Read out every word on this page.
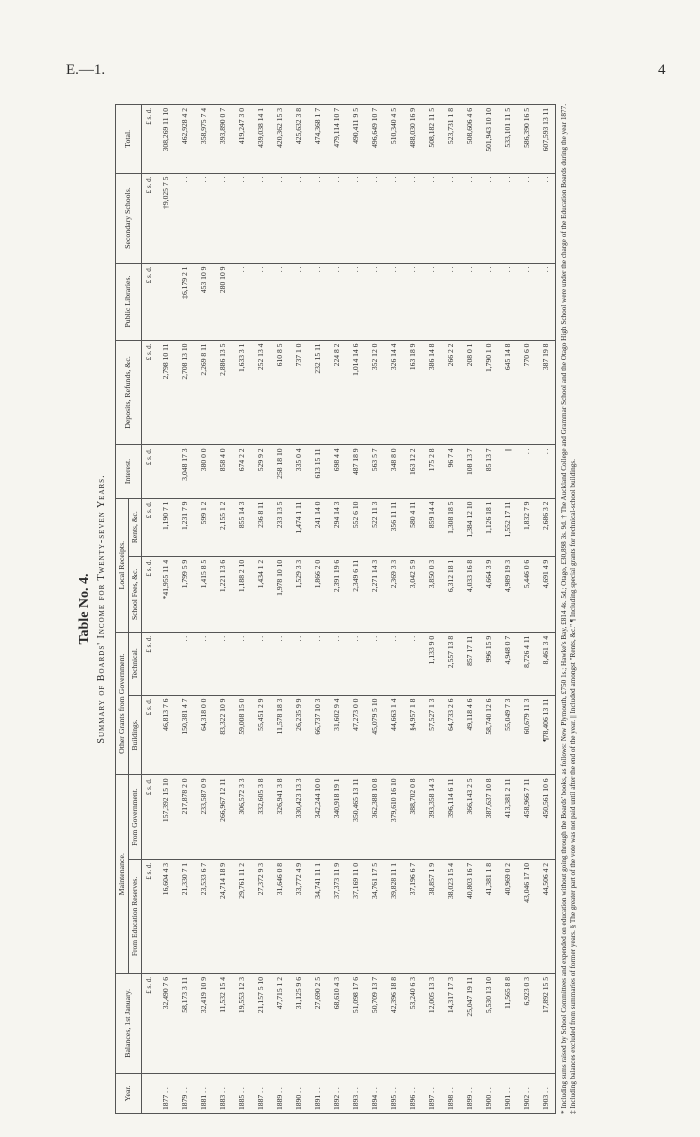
E.—1.	4
Table No. 4. Summary of Boards' Income for Twenty-seven Years.
Year.	Balances, 1st January.	Maintenance.		Other Grants from Government.		Local Receipts.		Interest.	Deposits, Refunds, &c.	Public Libraries.	Secondary Schools.	Total.
		From Education Reserves.	From Government.	Buildings.	Technical.	School Fees, &c.	Rents, &c.					
	£ s. d.	£ s. d.	£ s. d.	£ s. d.	£ s. d.	£ s. d.	£ s. d.	£ s. d.	£ s. d.	£ s. d.	£ s. d.	£ s. d.
1877 . .	32,490 7 6	16,604 4 3	157,392 15 10	46,813 7 6		*41,955 11 4	1,190 7 1		2,798 10 11		†9,025 7 5	308,269 11 10
1879 . .	58,173 3 11	21,330 7 1	217,878 2 0	150,381 4 7	. .	1,799 5 9	1,231 7 9	3,048 17 3	2,708 13 10	‡6,179 2 1	. .	462,928 4 2
1881 . .	32,419 10 9	23,533 6 7	233,587 0 9	64,318 0 0	. .	1,415 8 5	599 1 2	380 0 0	2,269 8 11	453 10 9	. .	358,975 7 4
1883 . .	11,532 15 4	24,714 18 9	266,967 12 11	83,322 10 9	. .	1,221 13 6	2,155 1 2	858 4 0	2,886 13 5	280 10 9	. .	393,890 0 7
1885 . .	19,553 12 3	29,761 11 2	306,572 3 3	59,008 15 0	. .	1,188 2 10	855 14 3	674 2 2	1,633 3 1	. .	. .	419,247 3 0
1887 . .	21,157 5 10	27,372 9 3	332,605 3 8	55,451 2 9	. .	1,434 1 2	236 8 11	529 9 2	252 13 4	. .	. .	439,038 14 1
1889 . .	47,715 1 2	31,646 0 8	326,941 3 8	11,578 18 3	. .	1,978 10 10	233 13 5	258 18 10	610 8 5	. .	. .	420,362 15 3
1890 . .	31,125 9 6	33,772 4 9	330,423 13 3	26,235 9 9	. .	1,529 3 3	1,474 1 11	335 0 4	737 1 0	. .	. .	425,632 3 8
1891 . .	27,690 2 5	34,741 11 1	342,244 10 0	66,737 10 3	. .	1,866 2 0	241 14 0	613 15 11	232 15 11	. .	. .	474,368 1 7
1892 . .	68,610 4 3	37,373 11 9	340,918 19 1	31,602 9 4	. .	2,391 19 6	294 14 3	698 4 4	224 8 2	. .	. .	479,114 10 7
1893 . .	51,098 17 6	37,169 11 0	350,465 13 11	47,273 0 0	. .	2,349 6 11	552 6 10	487 18 9	1,014 14 6	. .	. .	490,411 9 5
1894 . .	50,709 13 7	34,761 17 5	362,388 10 8	45,079 5 10	. .	2,271 14 3	522 11 3	563 5 7	352 12 0	. .	. .	496,649 10 7
1895 . .	42,396 18 8	39,828 11 1	379,610 16 10	44,663 1 4	. .	2,369 3 3	356 11 11	348 8 0	326 14 4	. .	. .	510,340 4 5
1896 . .	53,240 6 3	37,196 6 7	388,702 0 8	§4,957 1 8	. .	3,042 5 9	580 4 11	163 12 2	163 18 9	. .	. .	488,030 16 9
1897 . .	12,005 13 3	38,857 1 9	393,358 14 3	57,527 1 3	1,133 9 0	3,850 0 3	859 14 4	175 2 8	386 14 8	. .	. .	508,182 11 5
1898 . .	14,317 17 3	38,023 15 4	396,114 6 11	64,733 2 6	2,557 13 8	6,312 18 1	1,308 18 5	96 7 4	266 2 2	. .	. .	523,731 1 8
1899 . .	25,047 19 11	40,803 16 7	366,143 2 5	49,118 4 6	857 17 11	4,033 16 8	1,384 12 10	108 13 7	208 0 1	. .	. .	508,606 4 6
1900 . .	5,530 13 10	41,381 1 8	387,637 10 8	58,740 12 6	996 15 9	4,664 3 9	1,126 18 1	85 13 7	1,790 1 0	. .	. .	501,943 10 10
1901 . .	11,565 8 8	40,969 0 2	413,381 2 11	55,049 7 3	4,948 0 7	4,989 19 3	1,552 17 11	||	645 14 8	. .	. .	533,101 11 5
1902 . .	6,923 0 3	43,046 17 10	458,966 7 11	60,679 11 3	8,726 4 11	5,446 0 6	1,832 7 9	. .	770 6 0	. .	. .	586,390 16 5
1903 . .	17,892 15 5	44,506 4 2	450,561 10 6	¶78,406 13 11	8,461 3 4	4,691 4 9	2,686 3 2	. .	387 19 8	. .	. .	607,593 13 11 * Including sums raised by School Committees and expended on education without going through the Boards' books, as follows: New Plymouth, £750 1s.; Hawke's Bay, £814 4s. 5d.; Otago, £30,898 3s. 9d. † The Auckland College and Grammar School and the Otago High School were under the charge of the Education Boards during the year 1877. ‡ Including balances excluded from summaries of former years. § The greater part of the vote was not paid until after the end of the year. || Included amongst "Rents, &c." ¶ Including special grants for technical-school buildings.
